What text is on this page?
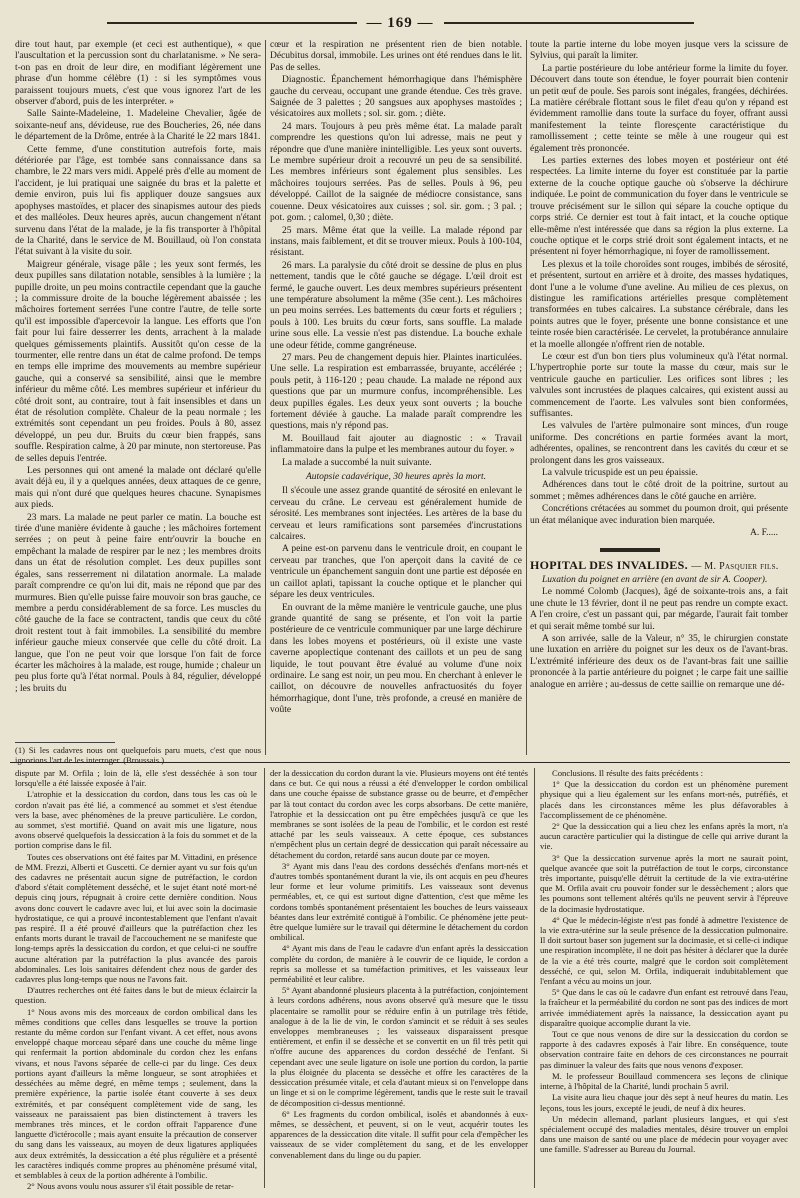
— 169 —

dire tout haut, par exemple (et ceci est authentique), « que l'auscultation et la percussion sont du charlatanisme. » Ne sera-t-on pas en droit de leur dire, en modifiant légèrement une phrase d'un homme célèbre (1) : si les symptômes vous paraissent toujours muets, c'est que vous ignorez l'art de les observer d'abord, puis de les interpréter. »

Salle Sainte-Madeleine, 1. Madeleine Chevalier, âgée de soixante-neuf ans, dévideuse, rue des Boucheries, 26, née dans le département de la Drôme, entrée à la Charité le 22 mars 1841.

Cette femme, d'une constitution autrefois forte, mais détériorée par l'âge, est tombée sans connaissance dans sa chambre, le 22 mars vers midi. Appelé près d'elle au moment de l'accident, je lui pratiquai une saignée du bras et la palette et demie environ, puis lui fis appliquer douze sangsues aux apophyses mastoïdes, et placer des sinapismes autour des pieds et des malléoles. Deux heures après, aucun changement n'étant survenu dans l'état de la malade, je la fis transporter à l'hôpital de la Charité, dans le service de M. Bouillaud, où l'on constata l'état suivant à la visite du soir.

Maigreur générale, visage pâle ; les yeux sont fermés, les deux pupilles sans dilatation notable, sensibles à la lumière ; la pupille droite, un peu moins contractile cependant que la gauche ; la commissure droite de la bouche légèrement abaissée ; les mâchoires fortement serrées l'une contre l'autre, de telle sorte qu'il est impossible d'apercevoir la langue. Les efforts que l'on fait pour lui faire desserrer les dents, arrachent à la malade quelques gémissements plaintifs. Aussitôt qu'on cesse de la tourmenter, elle rentre dans un état de calme profond. De temps en temps elle imprime des mouvements au membre supérieur gauche, qui a conservé sa sensibilité, ainsi que le membre inférieur du même côté. Les membres supérieur et inférieur du côté droit sont, au contraire, tout à fait insensibles et dans un état de résolution complète. Chaleur de la peau normale ; les extrémités sont cependant un peu froides. Pouls à 80, assez développé, un peu dur. Bruits du cœur bien frappés, sans souffle. Respiration calme, à 20 par minute, non stertoreuse. Pas de selles depuis l'entrée.

Les personnes qui ont amené la malade ont déclaré qu'elle avait déjà eu, il y a quelques années, deux attaques de ce genre, mais qui n'ont duré que quelques heures chacune. Synapismes aux pieds.

23 mars. La malade ne peut parler ce matin. La bouche est tirée d'une manière évidente à gauche ; les mâchoires fortement serrées ; on peut à peine faire entr'ouvrir la bouche en empêchant la malade de respirer par le nez ; les membres droits dans un état de résolution complet. Les deux pupilles sont égales, sans resserrement ni dilatation anormale. La malade paraît comprendre ce qu'on lui dit, mais ne répond que par des murmures. Bien qu'elle puisse faire mouvoir son bras gauche, ce membre a perdu considérablement de sa force. Les muscles du côté gauche de la face se contractent, tandis que ceux du côté droit restent tout à fait immobiles. La sensibilité du membre inférieur gauche mieux conservée que celle du côté droit. La langue, que l'on ne peut voir que lorsque l'on fait de force écarter les mâchoires à la malade, est rouge, humide ; chaleur un peu plus forte qu'à l'état normal. Pouls à 84, régulier, développé ; les bruits du

cœur et la respiration ne présentent rien de bien notable. Décubitus dorsal, immobile. Les urines ont été rendues dans le lit. Pas de selles.

Diagnostic. Épanchement hémorrhagique dans l'hémisphère gauche du cerveau, occupant une grande étendue. Ces très grave. Saignée de 3 palettes ; 20 sangsues aux apophyses mastoïdes ; vésicatoires aux mollets ; sol. sir. gom. ; diète.

24 mars. Toujours à peu près même état. La malade paraît comprendre les questions qu'on lui adresse, mais ne peut y répondre que d'une manière inintelligible. Les yeux sont ouverts. Le membre supérieur droit a recouvré un peu de sa sensibilité. Les membres inférieurs sont également plus sensibles. Les mâchoires toujours serrées. Pas de selles. Pouls à 96, peu développé. Caillot de la saignée de médiocre consistance, sans couenne. Deux vésicatoires aux cuisses ; sol. sir. gom. ; 3 pal. ; pot. gom. ; calomel, 0,30 ; diète.

25 mars. Même état que la veille. La malade répond par instans, mais faiblement, et dit se trouver mieux. Pouls à 100-104, résistant.

26 mars. La paralysie du côté droit se dessine de plus en plus nettement, tandis que le côté gauche se dégage. L'œil droit est fermé, le gauche ouvert. Les deux membres supérieurs présentent une température absolument la même (35e cent.). Les mâchoires un peu moins serrées. Les battements du cœur forts et réguliers ; pouls à 100. Les bruits du cœur forts, sans souffle. La malade urine sous elle. La vessie n'est pas distendue. La bouche exhale une odeur fétide, comme gangréneuse.

27 mars. Peu de changement depuis hier. Plaintes inarticulées. Une selle. La respiration est embarrassée, bruyante, accélérée ; pouls petit, à 116-120 ; peau chaude. La malade ne répond aux questions que par un murmure confus, incompréhensible. Les deux pupilles égales. Les deux yeux sont ouverts ; la bouche fortement déviée à gauche. La malade paraît comprendre les questions, mais n'y répond pas.

M. Bouillaud fait ajouter au diagnostic : « Travail inflammatoire dans la pulpe et les membranes autour du foyer. »

La malade a succombé la nuit suivante.

Autopsie cadavérique, 30 heures après la mort.

Il s'écoule une assez grande quantité de sérosité en enlevant le cerveau du crâne. Le cerveau est généralement humide de sérosité. Les membranes sont injectées. Les artères de la base du cerveau et leurs ramifications sont parsemées d'incrustations calcaires.

A peine est-on parvenu dans le ventricule droit, en coupant le cerveau par tranches, que l'on aperçoit dans la cavité de ce ventricule un épanchement sanguin dont une partie est déposée en un caillot aplati, tapissant la couche optique et le plancher qui sépare les deux ventricules.

En ouvrant de la même manière le ventricule gauche, une plus grande quantité de sang se présente, et l'on voit la partie postérieure de ce ventricule communiquer par une large déchirure dans les lobes moyens et postérieurs, où il existe une vaste caverne apoplectique contenant des caillots et un peu de sang liquide, le tout pouvant être évalué au volume d'une noix ordinaire. Le sang est noir, un peu mou. En cherchant à enlever le caillot, on découvre de nouvelles anfractuosités du foyer hémorrhagique, dont l'une, très profonde, a creusé en manière de voûte

toute la partie interne du lobe moyen jusque vers la scissure de Sylvius, qui paraît la limiter.

La partie postérieure du lobe antérieur forme la limite du foyer. Découvert dans toute son étendue, le foyer pourrait bien contenir un petit œuf de poule. Ses parois sont inégales, frangées, déchirées. La matière cérébrale flottant sous le filet d'eau qu'on y répand est évidemment ramollie dans toute la surface du foyer, offrant aussi manifestement la teinte floresçente caractéristique du ramollissement ; cette teinte se mêle à une rougeur qui est également très prononcée.

Les parties externes des lobes moyen et postérieur ont été respectées. La limite interne du foyer est constituée par la partie externe de la couche optique gauche où s'observe la déchirure indiquée. Le point de communication du foyer dans le ventricule se trouve précisément sur le sillon qui sépare la couche optique du corps strié. Ce dernier est tout à fait intact, et la couche optique elle-même n'est intéressée que dans sa région la plus externe. La couche optique et le corps strié droit sont également intacts, et ne présentent ni foyer hémorrhagique, ni foyer de ramollissement.

Les plexus et la toile choroïdes sont rouges, imbibés de sérosité, et présentent, surtout en arrière et à droite, des masses hydatiques, dont l'une a le volume d'une aveline. Au milieu de ces plexus, on distingue les ramifications artérielles presque complètement transformées en tubes calcaires. La substance cérébrale, dans les points autres que le foyer, présente une bonne consistance et une teinte rosée bien caractérisée. Le cervelet, la protubérance annulaire et la moelle allongée n'offrent rien de notable.

Le cœur est d'un bon tiers plus volumineux qu'à l'état normal. L'hypertrophie porte sur toute la masse du cœur, mais sur le ventricule gauche en particulier. Les orifices sont libres ; les valvules sont incrustées de plaques calcaires, qui existent aussi au commencement de l'aorte. Les valvules sont bien conformées, suffisantes.

Les valvules de l'artère pulmonaire sont minces, d'un rouge uniforme. Des concrétions en partie formées avant la mort, adhérentes, opalines, se rencontrent dans les cavités du cœur et se prolongent dans les gros vaisseaux.

La valvule tricuspide est un peu épaissie.

Adhérences dans tout le côté droit de la poitrine, surtout au sommet ; mêmes adhérences dans le côté gauche en arrière.

Concrétions crétacées au sommet du poumon droit, qui présente un état mélanique avec induration bien marquée.

A. F.....

HOPITAL DES INVALIDES. — M. Pasquier fils.

Luxation du poignet en arrière (en avant de sir A. Cooper).

Le nommé Colomb (Jacques), âgé de soixante-trois ans, a fait une chute le 13 février, dont il ne peut pas rendre un compte exact. A l'en croire, c'est un passant qui, par mégarde, l'aurait fait tomber et qui serait même tombé sur lui.

A son arrivée, salle de la Valeur, n° 35, le chirurgien constate une luxation en arrière du poignet sur les deux os de l'avant-bras. L'extrémité inférieure des deux os de l'avant-bras fait une saillie prononcée à la partie antérieure du poignet ; le carpe fait une saillie analogue en arrière ; au-dessus de cette saillie on remarque une dé-

(1) Si les cadavres nous ont quelquefois paru muets, c'est que nous ignorions l'art de les interroger. (Broussais.)

dispute par M. Orfila ; loin de là, elle s'est desséchée à son tour lorsqu'elle a été laissée exposée à l'air.

L'atrophie et la dessiccation du cordon, dans tous les cas où le cordon n'avait pas été lié, a commencé au sommet et s'est étendue vers la base, avec phénomènes de la preuve particulière. Le cordon, au sommet, s'est mortifié. Quand on avait mis une ligature, nous avons observé quelquefois la dessiccation à la fois du sommet et de la portion comprise dans le fil.

Toutes ces observations ont été faites par M. Vittadini, en présence de MM. Frezzi, Alberti et Guscetti. Ce dernier ayant vu sur fois qu'un des cadavres ne présentait aucun signe de putréfaction, le cordon d'abord s'était complètement desséché, et le sujet étant noté mort-né depuis cinq jours, répugnait à croire cette dernière condition. Nous avons donc couvert le cadavre avec lui, et lui avec soin la docimasie hydrostatique, ce qui a prouvé incontestablement que l'enfant n'avait pas respiré. Il a été prouvé d'ailleurs que la putréfaction chez les enfants morts durant le travail de l'accouchement ne se manifeste que long-temps après la dessiccation du cordon, et que celui-ci ne souffre aucune altération par la putréfaction la plus avancée des parois abdominales. Les lois sanitaires défendent chez nous de garder des cadavres plus long-temps que nous ne l'avons fait.

D'autres recherches ont été faites dans le but de mieux éclaircir la question.

1° Nous avons mis des morceaux de cordon ombilical dans les mêmes conditions que celles dans lesquelles se trouve la portion restante du même cordon sur l'enfant vivant. A cet effet, nous avons enveloppé chaque morceau séparé dans une couche du même linge qui renfermait la portion abdominale du cordon chez les enfans vivans, et nous l'avons séparée de celle-ci par du linge. Ces deux portions ayant d'ailleurs la même longueur, se sont atrophiées et desséchées au même degré, en même temps ; seulement, dans la première expérience, la partie isolée étant couverte à ses deux extrémités, et par conséquent complètement vide de sang, les vaisseaux ne paraissaient pas bien distinctement à travers les membranes très minces, et le cordon offrait l'apparence d'une languette d'ictérocolle ; mais ayant ensuite la précaution de conserver du sang dans les vaisseaux, au moyen de deux ligatures appliquées aux deux extrémités, la dessiccation a été plus régulière et a présenté les caractères indiqués comme propres au phénomène présumé vital, et semblables à ceux de la portion adhérente à l'ombilic.

2° Nous avons voulu nous assurer s'il était possible de retar-

der la dessiccation du cordon durant la vie. Plusieurs moyens ont été tentés dans ce but. Ce qui nous a réussi a été d'envelopper le cordon ombilical dans une couche épaisse de substance grasse ou de beurre, et d'empêcher par là tout contact du cordon avec les corps absorbans. De cette manière, l'atrophie et la dessiccation ont pu être empêchées jusqu'à ce que les membranes se sont isolées de la peau de l'ombilic, et le cordon est resté attaché par les seuls vaisseaux. A cette époque, ces substances n'empêchent plus un certain degré de dessiccation qui paraît nécessaire au détachement du cordon, retardé sans aucun doute par ce moyen.

3° Ayant mis dans l'eau des cordons desséchés d'enfans mort-nés et d'autres tombés spontanément durant la vie, ils ont acquis en peu d'heures leur forme et leur volume primitifs. Les vaisseaux sont devenus perméables, et, ce qui est surtout digne d'attention, c'est que même les cordons tombés spontanément présentaient les bouches de leurs vaisseaux béantes dans leur extrémité contiguë à l'ombilic. Ce phénomène jette peut-être quelque lumière sur le travail qui détermine le détachement du cordon ombilical.

4° Ayant mis dans de l'eau le cadavre d'un enfant après la dessiccation complète du cordon, de manière à le couvrir de ce liquide, le cordon a repris sa mollesse et sa tuméfaction primitives, et les vaisseaux leur perméabilité et leur calibre.

5° Ayant abandonné plusieurs placenta à la putréfaction, conjointement à leurs cordons adhérens, nous avons observé qu'à mesure que le tissu placentaire se ramollit pour se réduire enfin à un putrilage très fétide, analogue à de la lie de vin, le cordon s'amincit et se réduit à ses seules enveloppes membraneuses ; les vaisseaux disparaissent presque entièrement, et enfin il se dessèche et se convertit en un fil très petit qui n'offre aucune des apparences du cordon desséché de l'enfant. Si cependant avec une seule ligature on isole une portion du cordon, la partie la plus éloignée du placenta se dessèche et offre les caractères de la dessiccation présumée vitale, et cela d'autant mieux si on l'enveloppe dans un linge et si on le comprime légèrement, tandis que le reste suit le travail de décomposition ci-dessus mentionné.

6° Les fragments du cordon ombilical, isolés et abandonnés à eux-mêmes, se dessèchent, et peuvent, si on le veut, acquérir toutes les apparences de la dessiccation dite vitale. Il suffit pour cela d'empêcher les vaisseaux de se vider complètement du sang, et de les envelopper convenablement dans du linge ou du papier.

Conclusions. Il résulte des faits précédents :

1° Que la dessiccation du cordon est un phénomène purement physique qui a lieu également sur les enfans mort-nés, putréfiés, et placés dans les circonstances même les plus défavorables à l'accomplissement de ce phénomène.

2° Que la dessiccation qui a lieu chez les enfans après la mort, n'a aucun caractère particulier qui la distingue de celle qui arrive durant la vie.

3° Que la dessiccation survenue après la mort ne saurait point, quelque avancée que soit la putréfaction de tout le corps, circonstance très importante, puisqu'elle détruit la certitude de la vie extra-utérine que M. Orfila avait cru pouvoir fonder sur le dessèchement ; alors que les poumons sont tellement altérés qu'ils ne peuvent servir à l'épreuve de la docimasie hydrostatique.

4° Que le médecin-légiste n'est pas fondé à admettre l'existence de la vie extra-utérine sur la seule présence de la dessiccation pulmonaire. Il doit surtout baser son jugement sur la docimasie, et si celle-ci indique une respiration incomplète, il ne doit pas hésiter à déclarer que la durée de la vie a été très courte, malgré que le cordon soit complètement desséché, ce qui, selon M. Orfila, indiquerait indubitablement que l'enfant a vécu au moins un jour.

5° Que dans le cas où le cadavre d'un enfant est retrouvé dans l'eau, la fraîcheur et la perméabilité du cordon ne sont pas des indices de mort arrivée immédiatement après la naissance, la dessiccation ayant pu disparaître quoique accomplie durant la vie.

Tout ce que nous venons de dire sur la dessiccation du cordon se rapporte à des cadavres exposés à l'air libre. En conséquence, toute observation contraire faite en dehors de ces circonstances ne pourrait pas diminuer la valeur des faits que nous venons d'exposer.

M. le professeur Bouillaud commencera ses leçons de clinique interne, à l'hôpital de la Charité, lundi prochain 5 avril.

La visite aura lieu chaque jour dès sept à neuf heures du matin. Les leçons, tous les jours, excepté le jeudi, de neuf à dix heures.

Un médecin allemand, parlant plusieurs langues, et qui s'est spécialement occupé des maladies mentales, désire trouver un emploi dans une maison de santé ou une place de médecin pour voyager avec une famille. S'adresser au Bureau du Journal.
